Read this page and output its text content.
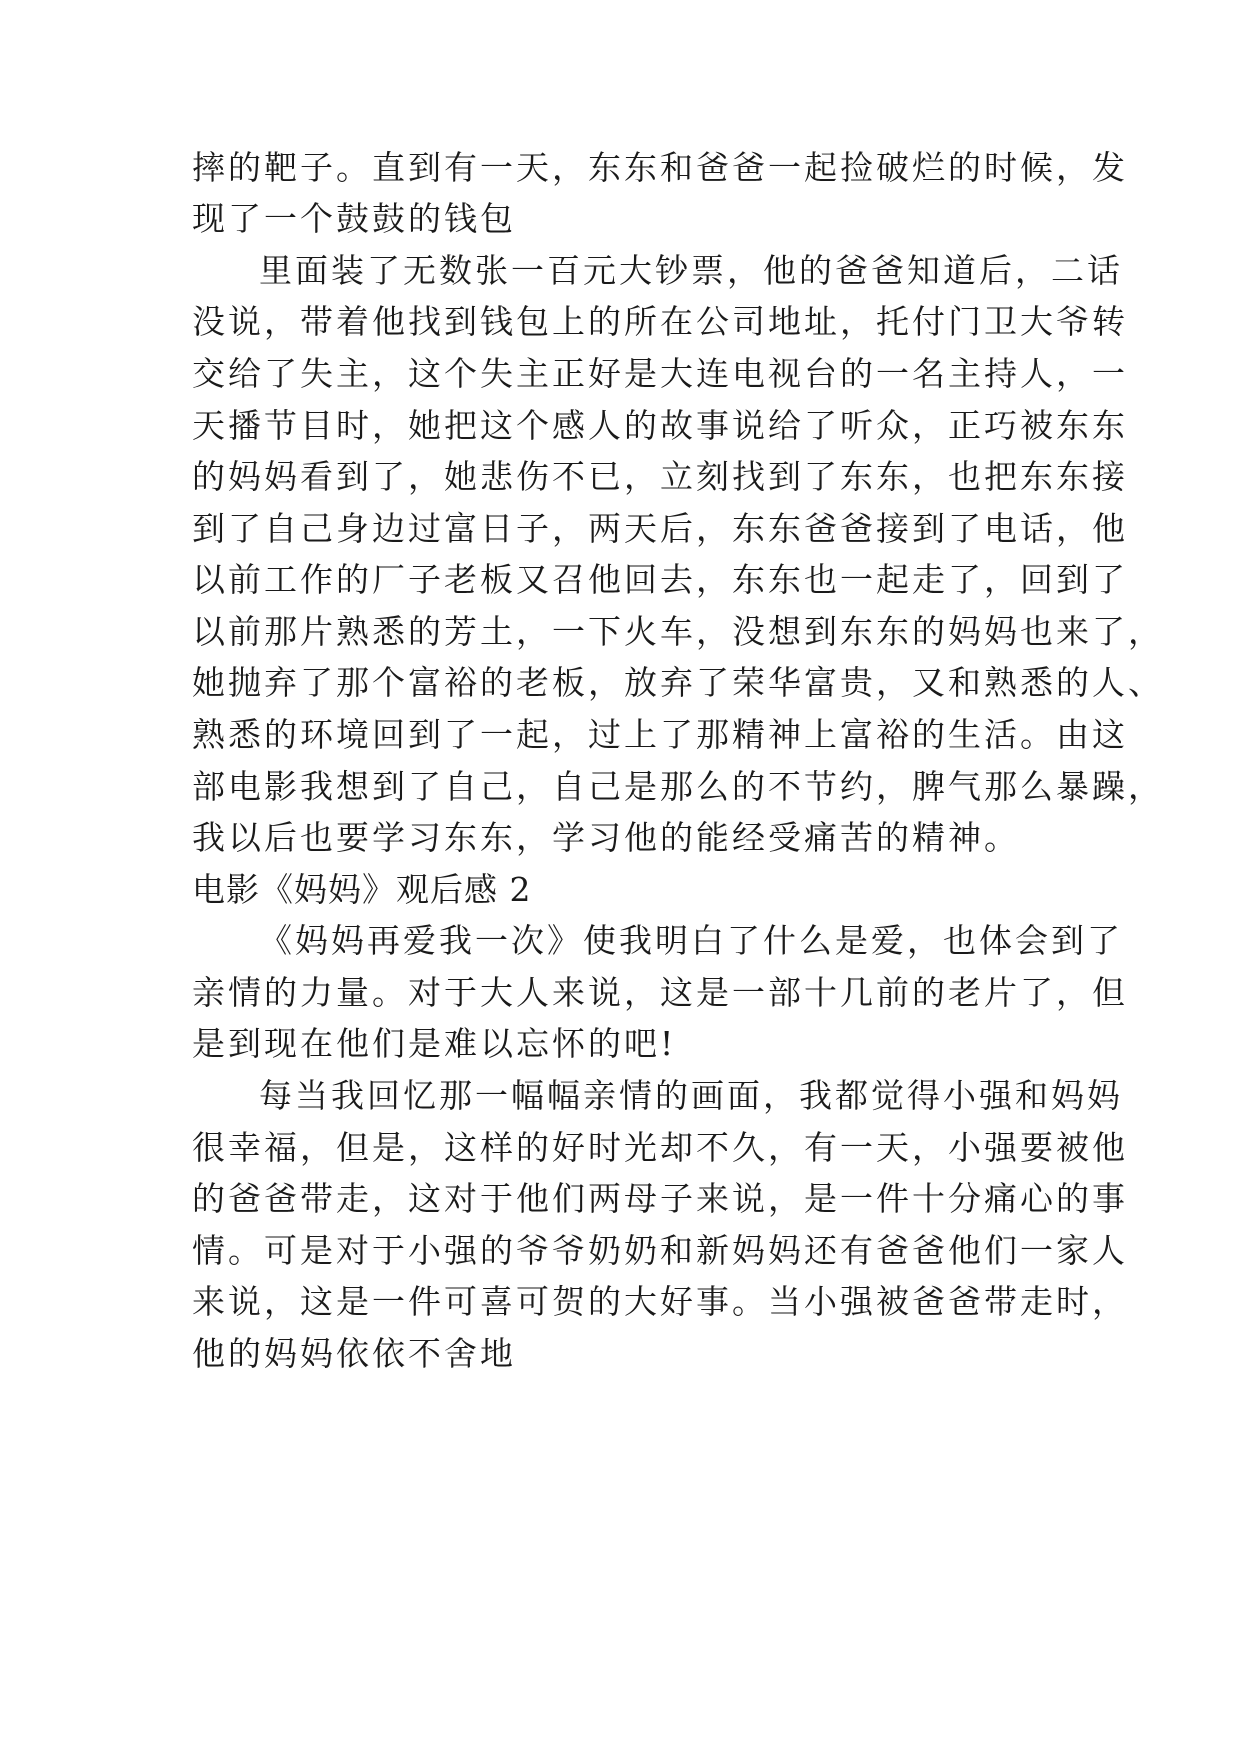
摔的靶子。直到有一天，东东和爸爸一起捡破烂的时候，发
现了一个鼓鼓的钱包
里面装了无数张一百元大钞票，他的爸爸知道后，二话
没说，带着他找到钱包上的所在公司地址，托付门卫大爷转
交给了失主，这个失主正好是大连电视台的一名主持人，一
天播节目时，她把这个感人的故事说给了听众，正巧被东东
的妈妈看到了，她悲伤不已，立刻找到了东东，也把东东接
到了自己身边过富日子，两天后，东东爸爸接到了电话，他
以前工作的厂子老板又召他回去，东东也一起走了，回到了
以前那片熟悉的芳土，一下火车，没想到东东的妈妈也来了，
她抛弃了那个富裕的老板，放弃了荣华富贵，又和熟悉的人、
熟悉的环境回到了一起，过上了那精神上富裕的生活。由这
部电影我想到了自己，自己是那么的不节约，脾气那么暴躁，
我以后也要学习东东，学习他的能经受痛苦的精神。
电影《妈妈》观后感 2
《妈妈再爱我一次》使我明白了什么是爱，也体会到了
亲情的力量。对于大人来说，这是一部十几前的老片了，但
是到现在他们是难以忘怀的吧!
每当我回忆那一幅幅亲情的画面，我都觉得小强和妈妈
很幸福，但是，这样的好时光却不久，有一天，小强要被他
的爸爸带走，这对于他们两母子来说，是一件十分痛心的事
情。可是对于小强的爷爷奶奶和新妈妈还有爸爸他们一家人
来说，这是一件可喜可贺的大好事。当小强被爸爸带走时，
他的妈妈依依不舍地
